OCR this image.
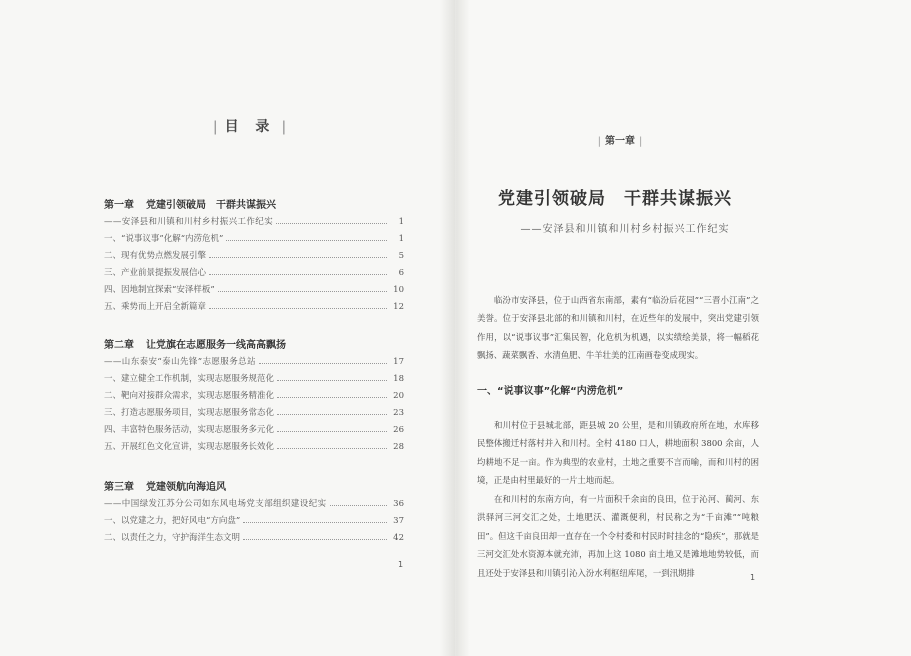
| 目 录 |
第一章 党建引领破局　干群共谋振兴
——安泽县和川镇和川村乡村振兴工作纪实	1
一、“说事议事”化解“内涝危机”	1
二、现有优势点燃发展引擎	5
三、产业前景提振发展信心	6
四、因地制宜探索“安泽样板”	10
五、乘势而上开启全新篇章	12
第二章 让党旗在志愿服务一线高高飘扬
——山东泰安“泰山先锋”志愿服务总站	17
一、建立健全工作机制，实现志愿服务规范化	18
二、靶向对接群众需求，实现志愿服务精准化	20
三、打造志愿服务项目，实现志愿服务常态化	23
四、丰富特色服务活动，实现志愿服务多元化	26
五、开展红色文化宣讲，实现志愿服务长效化	28
第三章 党建领航向海追风
——中国绿发江苏分公司如东风电场党支部组织建设纪实	36
一、以党建之力，把好风电“方向盘”	37
二、以责任之力，守护海洋生态文明	42
1
| 第一章 |
党建引领破局　干群共谋振兴
——安泽县和川镇和川村乡村振兴工作纪实
临汾市安泽县，位于山西省东南部，素有“临汾后花园”“三晋小江南”之美誉。位于安泽县北部的和川镇和川村，在近些年的发展中，突出党建引领作用，以“说事议事”汇集民智，化危机为机遇，以实绩绘美景，将一幅稻花飘扬、蔬菜飘香、水清鱼肥、牛羊壮美的江南画卷变成现实。
一、“说事议事”化解“内涝危机”
和川村位于县城北部，距县城 20 公里，是和川镇政府所在地，水库移民整体搬迁村落村并入和川村。全村 4180 口人，耕地面积 3800 余亩，人均耕地不足一亩。作为典型的农业村，土地之重要不言而喻，而和川村的困境，正是由村里最好的一片土地而起。
在和川村的东南方向，有一片面积千余亩的良田，位于沁河、蔺河、东洪驿河三河交汇之处，土地肥沃、灌溉便利，村民称之为“千亩滩”“吨粮田”。但这千亩良田却一直存在一个令村委和村民时时挂念的“隐疾”，那就是三河交汇处水资源本就充沛，再加上这 1080 亩土地又是滩地地势较低，而且还处于安泽县和川镇引沁入汾水利枢纽库尾，一到汛期排	1
